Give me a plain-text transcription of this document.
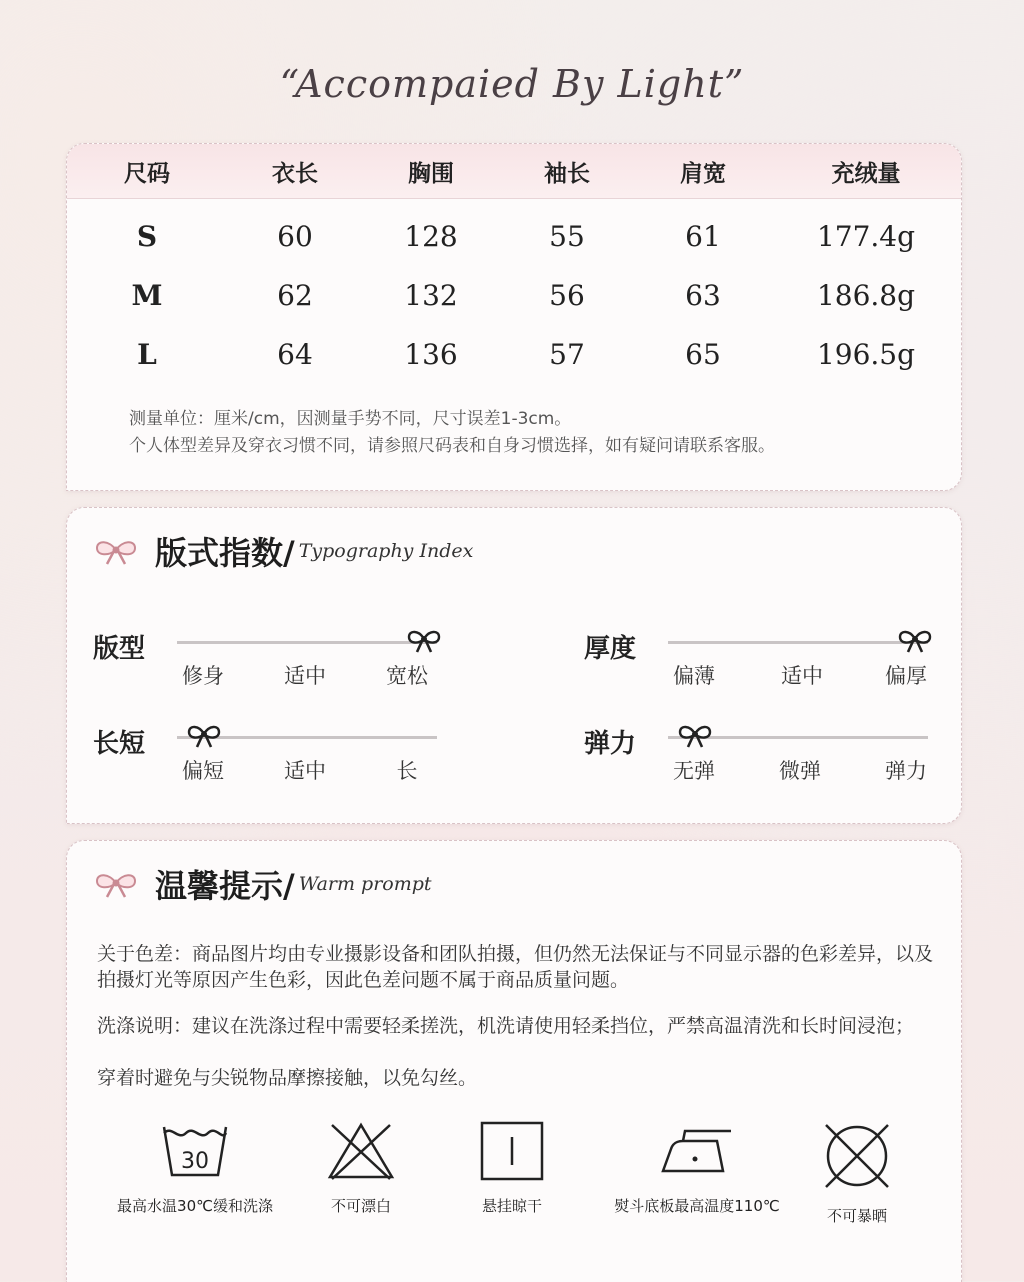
“Accompaied By Light”
尺码	衣长	胸围	袖长	肩宽	充绒量
S	60	128	55	61	177.4g
M	62	132	56	63	186.8g
L	64	136	57	65	196.5g
测量单位：厘米/cm，因测量手势不同，尺寸误差1-3cm。
个人体型差异及穿衣习惯不同，请参照尺码表和自身习惯选择，如有疑问请联系客服。
版式指数/ Typography Index
版型
修身	适中	宽松
厚度
偏薄	适中	偏厚
长短
偏短	适中	长
弹力
无弹	微弹	弹力
温馨提示/ Warm prompt
关于色差：商品图片均由专业摄影设备和团队拍摄，但仍然无法保证与不同显示器的色彩差异，以及拍摄灯光等原因产生色彩，因此色差问题不属于商品质量问题。
洗涤说明：建议在洗涤过程中需要轻柔搓洗，机洗请使用轻柔挡位，严禁高温清洗和长时间浸泡；
穿着时避免与尖锐物品摩擦接触，以免勾丝。
30
最高水温30℃缓和洗涤	不可漂白	悬挂晾干	熨斗底板最高温度110℃
不可暴晒
